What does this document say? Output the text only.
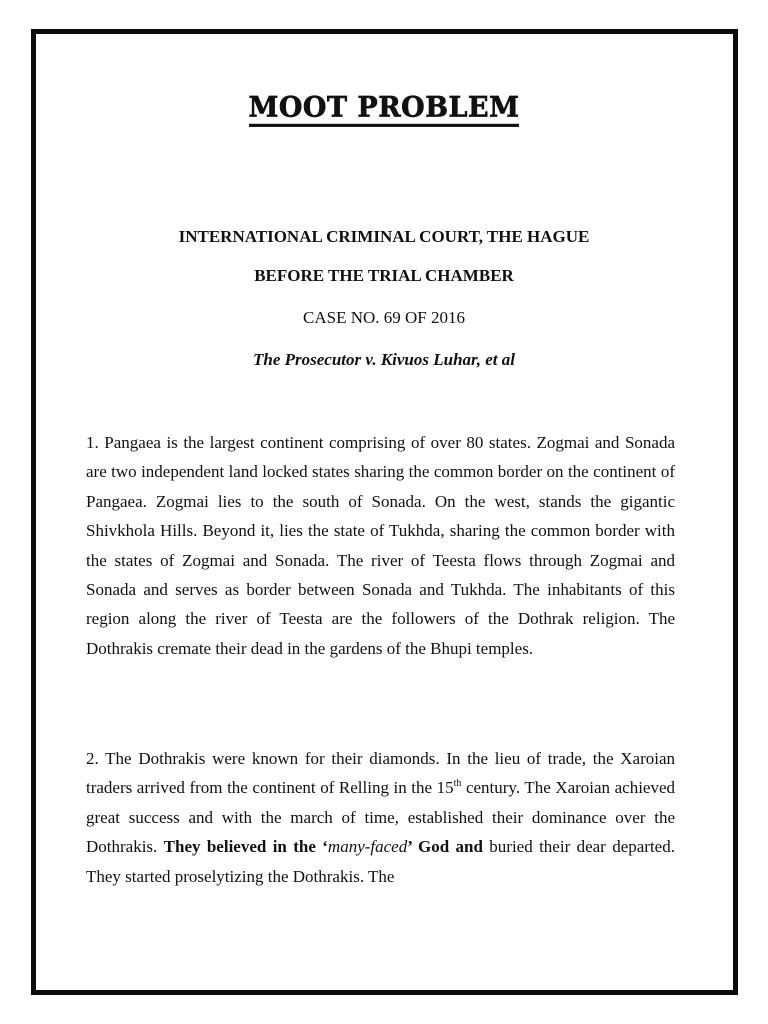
MOOT PROBLEM
INTERNATIONAL CRIMINAL COURT, THE HAGUE
BEFORE THE TRIAL CHAMBER
CASE NO. 69 OF 2016
The Prosecutor v. Kivuos Luhar, et al
1. Pangaea is the largest continent comprising of over 80 states. Zogmai and Sonada are two independent land locked states sharing the common border on the continent of Pangaea. Zogmai lies to the south of Sonada. On the west, stands the gigantic Shivkhola Hills. Beyond it, lies the state of Tukhda, sharing the common border with the states of Zogmai and Sonada. The river of Teesta flows through Zogmai and Sonada and serves as border between Sonada and Tukhda. The inhabitants of this region along the river of Teesta are the followers of the Dothrak religion. The Dothrakis cremate their dead in the gardens of the Bhupi temples.
2. The Dothrakis were known for their diamonds. In the lieu of trade, the Xaroian traders arrived from the continent of Relling in the 15th century. The Xaroian achieved great success and with the march of time, established their dominance over the Dothrakis. They believed in the ‘many-faced’ God and buried their dear departed. They started proselytizing the Dothrakis. The
